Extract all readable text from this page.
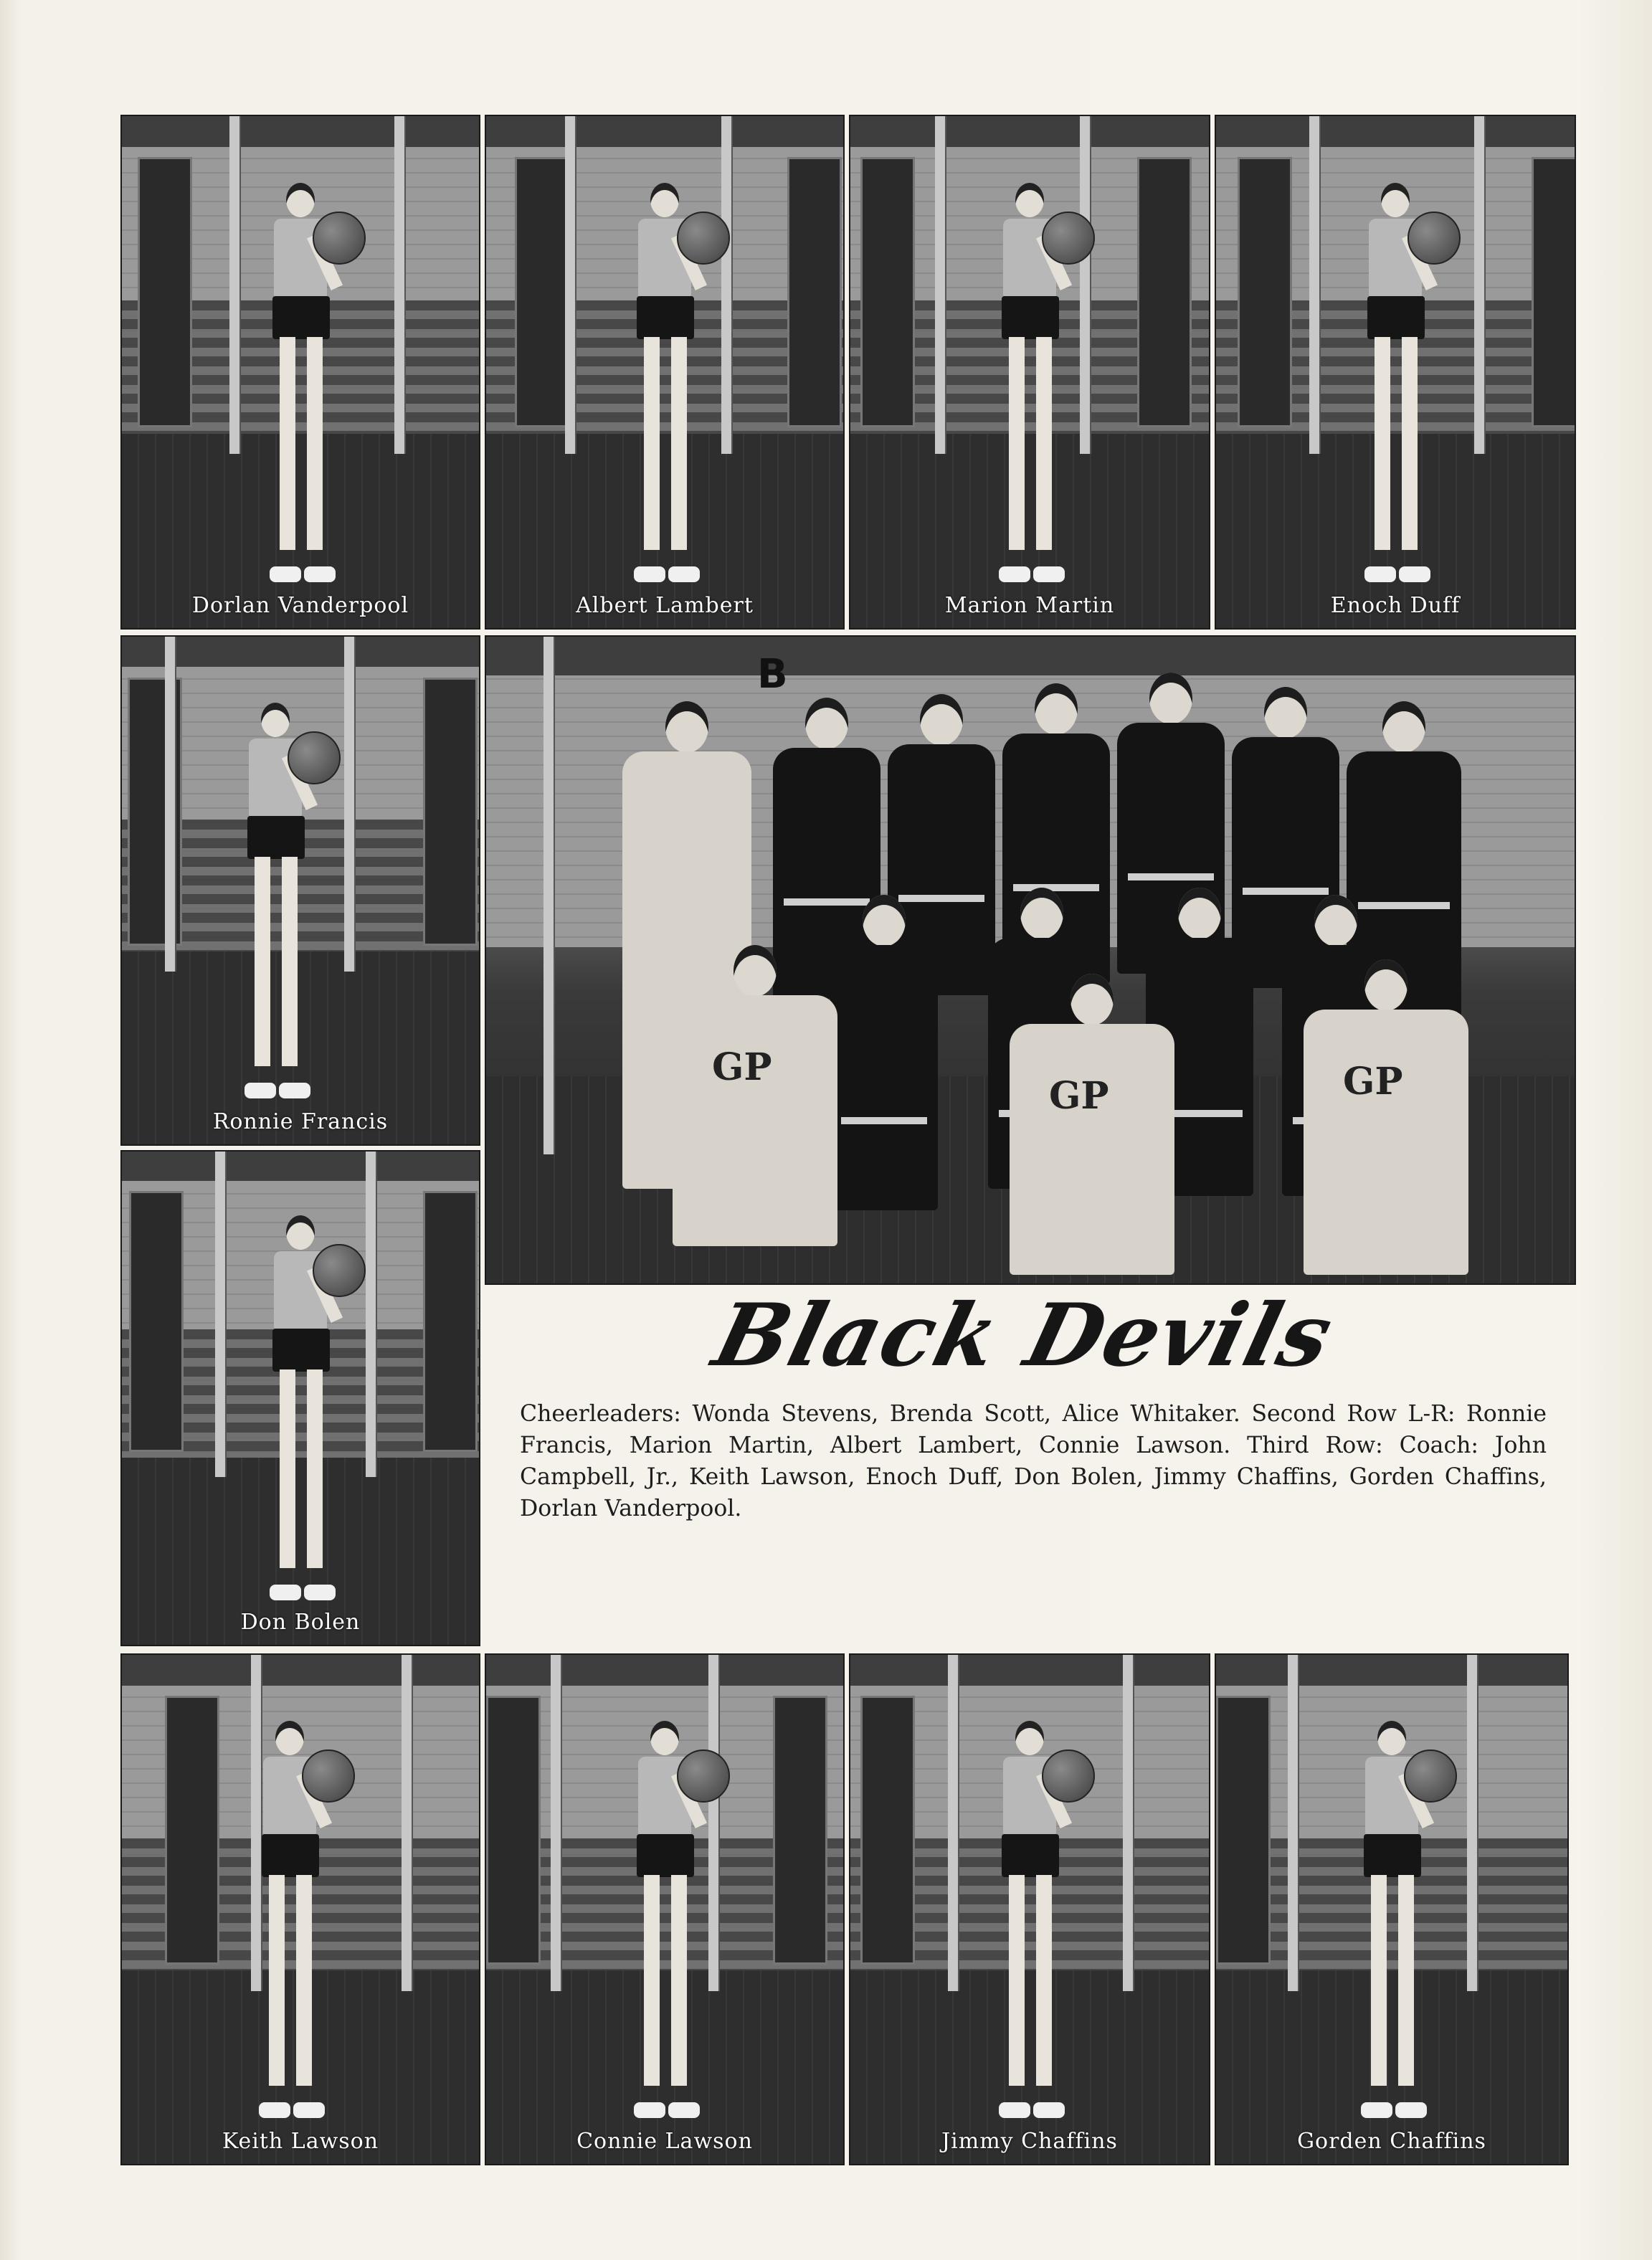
Dorlan Vanderpool	Albert Lambert	Marion Martin	Enoch Duff
Ronnie Francis
Don Bolen
B
GP
GP	GP
Black Devils
Cheerleaders: Wonda Stevens, Brenda Scott, Alice Whitaker. Second Row L-R: Ronnie Francis, Marion Martin, Albert Lambert, Connie Lawson. Third Row: Coach: John Campbell, Jr., Keith Lawson, Enoch Duff, Don Bolen, Jimmy Chaffins, Gorden Chaffins, Dorlan Vanderpool.
Keith Lawson	Connie Lawson	Jimmy Chaffins	Gorden Chaffins
